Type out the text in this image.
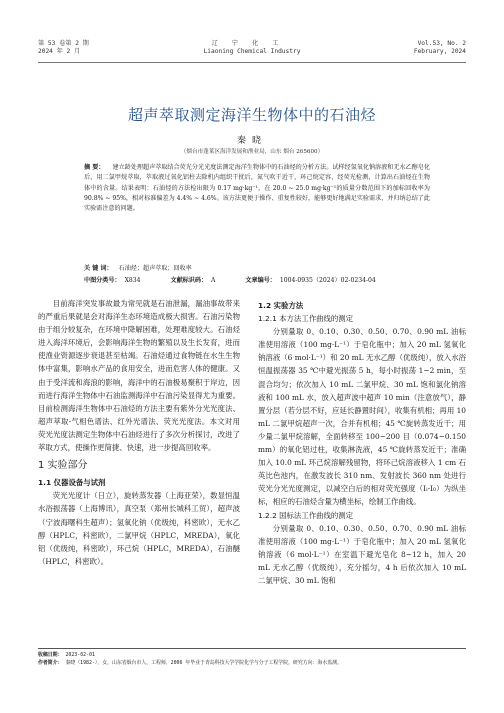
第 53 卷第 2 期
2024 年 2 月
辽宁化工
Liaoning Chemical Industry
Vol.53, No. 2
February, 2024
超声萃取测定海洋生物体中的石油烃
秦晓
（烟台市蓬莱区海洋发展和渔业局，山东 烟台 265600）
摘 要： 建立龄处理超声萃取结合荧光分光光度法测定海洋生物体中的石油烃的分析方法。试样经氢氧化钠溶液和无水乙醇皂化后，用二氯甲烷萃取，萃取液过氧化铝柱去除机内组织干扰后，氮气吹干近干，环己烷定容，经荧光检测，计算出石油烃在生物体中的含量。结果表明：石油烃的方法检出限为 0.17 mg·kg⁻¹，在 20.0 ~ 25.0 mg·kg⁻¹的质量分数范围下的加标回收率为 90.8% ~ 95%，相对标准偏差为 4.4% ~ 4.6%。该方法更便于操作、重复性较好，能够更好地满足实验需求，并归纳总结了此实验需注意的问题。
关 键 词： 石油烃；超声萃取；回收率
中图分类号： X834	文献标识码： A	文章编号： 1004-0935（2024）02-0234-04

目前海洋突发事故最为常见就是石油泄漏，漏油事故带来的严重后果就是会对海洋生态环境造成极大损害。石油污染物由于组分较复杂，在环境中降解困难，处理难度较大。石油烃进入海洋环境后，会影响海洋生物的繁殖以及生长发育，进而使渔业资源逐步衰退甚至枯竭。石油烃通过食物链在水生生物体中富集，影响水产品的食用安全，进而危害人体的健康。又由于受洋流和海浪的影响，海洋中的石油极易聚积于岸边，因而进行海洋生物体中石油监测海洋中石油污染显得尤为重要。目前检测海洋生物体中石油烃的方法主要有紫外分光光度法、超声萃取-气相色谱法、红外光谱法、荧光光度法。本文对用荧光光度法测定生物体中石油烃进行了多次分析探讨，改进了萃取方式，使操作更简捷、快速，进一步提高回收率。

1 实验部分
1.1 仪器设备与试剂

荧光光度计（日立），旋转蒸发器（上海亚荣），数显恒温水浴振荡器（上海博讯），真空泵（郑州长城科工贸），超声波（宁波海曙科生超声）；氢氧化钠（优级纯，科密欧），无水乙醇（HPLC，科密欧），二氯甲烷（HPLC，MREDA），氧化铝（优级纯，科密欧），环己烷（HPLC，MREDA），石油醚（HPLC，科密欧）。

1.2 实验方法
1.2.1 本方法工作曲线的测定

分别量取 0、0.10、0.30、0.50、0.70、0.90 mL 油标准使用溶液（100 mg·L⁻¹）于皂化瓶中；加入 20 mL 氢氧化钠溶液（6 mol·L⁻¹）和 20 mL 无水乙醇（优级纯），放入水浴恒温振荡器 35 ℃中避光振荡 5 h，每小时振荡 1~2 min，至混合均匀；依次加入 10 mL 二氯甲烷、30 mL 饱和氯化钠溶液和 100 mL 水，放入超声波中超声 10 min（注意放气），静置分层（若分层不好，应延长静置时间），收集有机相；再用 10 mL 二氯甲烷超声一次，合并有机相；45 ℃旋转蒸发近干；用少量二氯甲烷溶解，全面转移至 100~200 目（0.074~0.150 mm）的氧化铝过柱，收集淋洗液，45 ℃旋转蒸发近干；准确加入 10.0 mL 环己烷溶解残留物，将环己烷溶液移入 1 cm 石英比色池内，在激发波长 310 nm、发射波长 360 nm 处进行荧光分光光度测定，以减空白后的相对荧光强度（Iᵢ-I₀）为纵坐标，相应的石油烃含量为横坐标，绘制工作曲线。

1.2.2 国标法工作曲线的测定

分别量取 0、0.10、0.30、0.50、0.70、0.90 mL 油标准使用溶液（100 mg·L⁻¹）于皂化瓶中；加入 20 mL 氢氧化钠溶液（6 mol·L⁻¹）在室温下避光皂化 8~12 h，加入 20 mL 无水乙醇（优级纯），充分摇匀，4 h 后依次加入 10 mL 二氯甲烷、30 mL 饱和

收稿日期： 2023-02-01
作者简介： 秦晓（1982-），女，山东省烟台市人，工程师，2006 年毕业于青岛科技大学学院化学与分子工程学院，研究方向：海水监测。
